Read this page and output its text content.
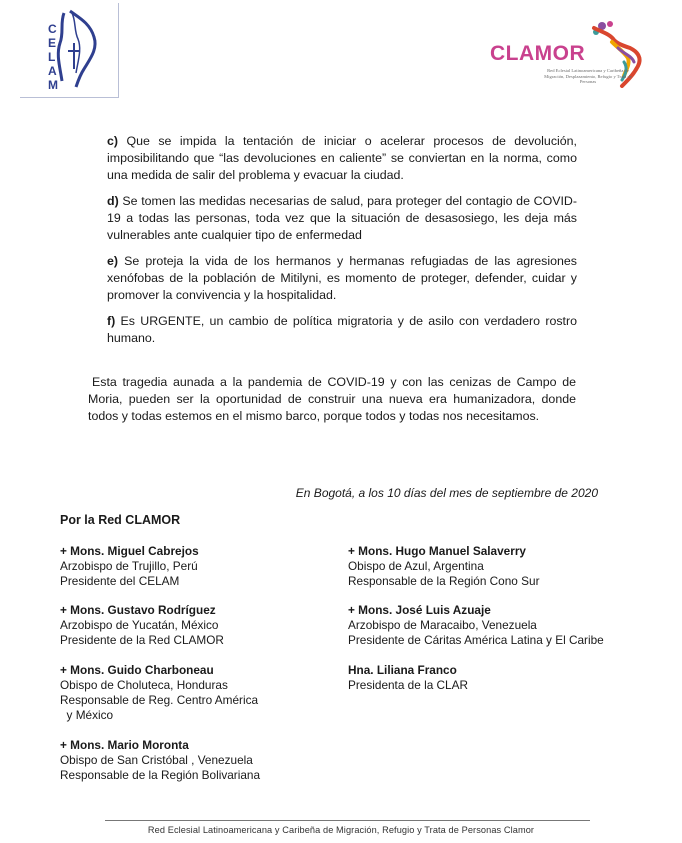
C
E
L
A
M
CLAMOR
Red Eclesial Latinoamericana y Caribeña de Migración, Desplazamiento, Refugio y Trata de Personas

c) Que se impida la tentación de iniciar o acelerar procesos de devolución, imposibilitando que “las devoluciones en caliente” se conviertan en la norma, como una medida de salir del problema y evacuar la ciudad.

d) Se tomen las medidas necesarias de salud, para proteger del contagio de COVID-19 a todas las personas, toda vez que la situación de desasosiego, les deja más vulnerables ante cualquier tipo de enfermedad

e) Se proteja la vida de los hermanos y hermanas refugiadas de las agresiones xenófobas de la población de Mitilyni, es momento de proteger, defender, cuidar y promover la convivencia y la hospitalidad.

f) Es URGENTE, un cambio de política migratoria y de asilo con verdadero rostro humano.

Esta tragedia aunada a la pandemia de COVID-19 y con las cenizas de Campo de Moria, pueden ser la oportunidad de construir una nueva era humanizadora, donde todos y todas estemos en el mismo barco, porque todos y todas nos necesitamos.

En Bogotá, a los 10 días del mes de septiembre de 2020
Por la Red CLAMOR
+ Mons. Miguel Cabrejos
Arzobispo de Trujillo, Perú
Presidente del CELAM
+ Mons. Gustavo Rodríguez
Arzobispo de Yucatán, México
Presidente de la Red CLAMOR
+ Mons. Guido Charboneau
Obispo de Choluteca, Honduras
Responsable de Reg. Centro América
y México
+ Mons. Mario Moronta
Obispo de San Cristóbal , Venezuela
Responsable de la Región Bolivariana
+ Mons. Hugo Manuel Salaverry
Obispo de Azul, Argentina
Responsable de la Región Cono Sur
+ Mons. José Luis Azuaje
Arzobispo de Maracaibo, Venezuela
Presidente de Cáritas América Latina y El Caribe
Hna. Liliana Franco
Presidenta de la CLAR
Red Eclesial Latinoamericana y Caribeña de Migración, Refugio y Trata de Personas Clamor
